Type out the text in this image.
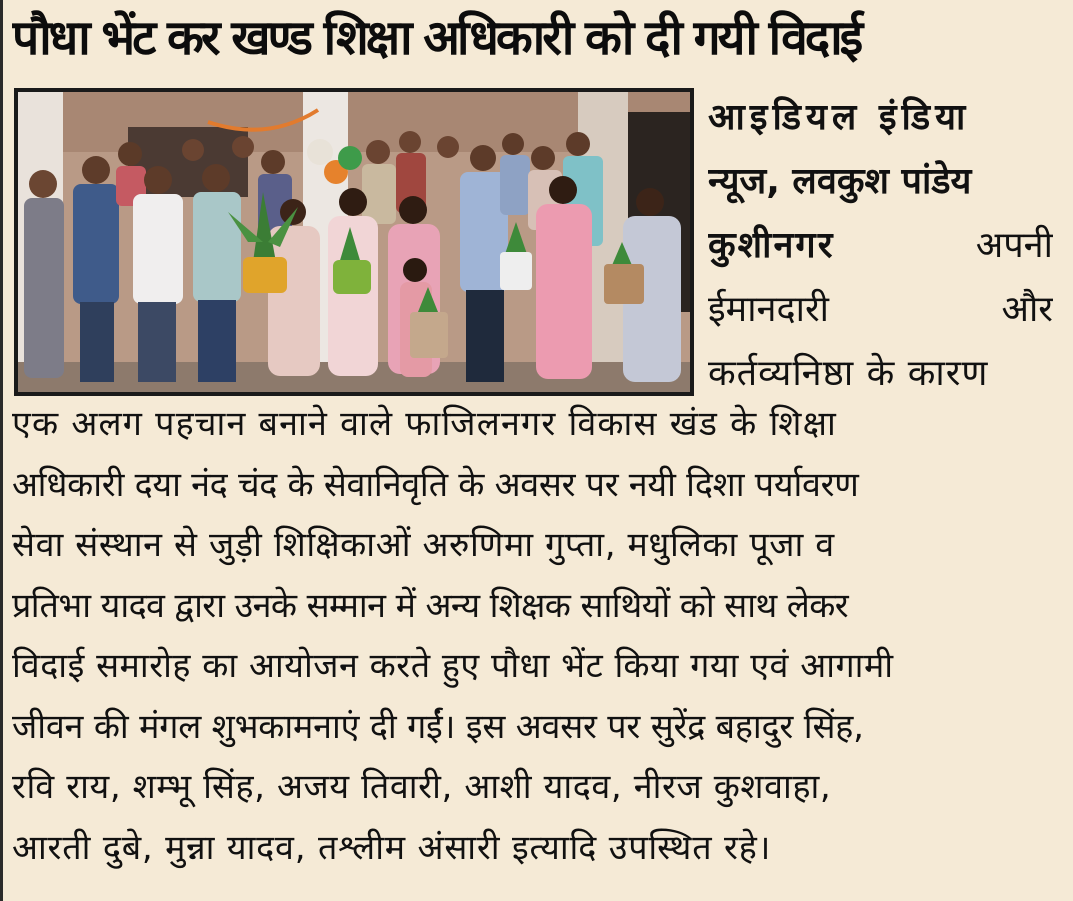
पौधा भेंट कर खण्ड शिक्षा अधिकारी को दी गयी विदाई
आइडियल इंडिया
न्यूज, लवकुश पांडेय
कुशीनगर	अपनी
ईमानदारी	और
कर्तव्यनिष्ठा के कारण
एक अलग पहचान बनाने वाले फाजिलनगर विकास खंड के शिक्षा
अधिकारी दया नंद चंद के सेवानिवृति के अवसर पर नयी दिशा पर्यावरण
सेवा संस्थान से जुड़ी शिक्षिकाओं अरुणिमा गुप्ता, मधुलिका पूजा व
प्रतिभा यादव द्वारा उनके सम्मान में अन्य शिक्षक साथियों को साथ लेकर
विदाई समारोह का आयोजन करते हुए पौधा भेंट किया गया एवं आगामी
जीवन की मंगल शुभकामनाएं दी गईं। इस अवसर पर सुरेंद्र बहादुर सिंह,
रवि राय, शम्भू सिंह, अजय तिवारी, आशी यादव, नीरज कुशवाहा,
आरती दुबे, मुन्ना यादव, तश्लीम अंसारी इत्यादि उपस्थित रहे।
